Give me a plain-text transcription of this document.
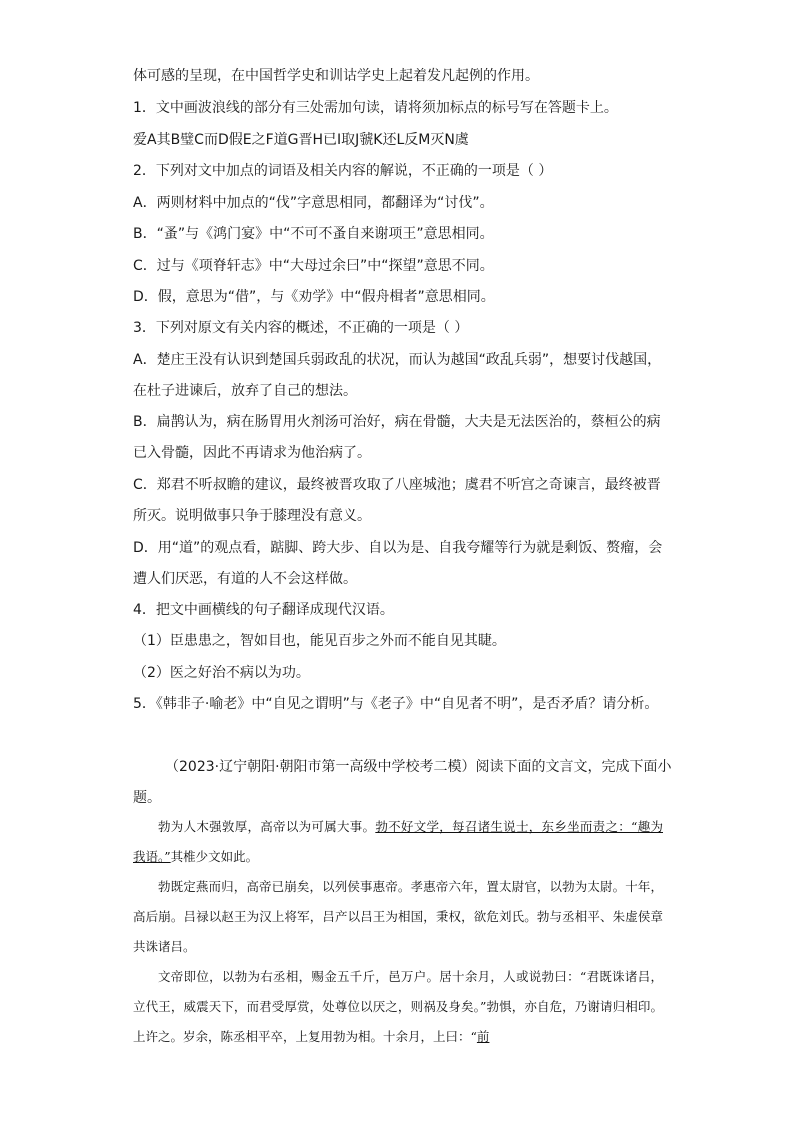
体可感的呈现，在中国哲学史和训诂学史上起着发凡起例的作用。
1．文中画波浪线的部分有三处需加句读，请将须加标点的标号写在答题卡上。
爱A其B璧C而D假E之F道G晋H已I取J虢K还L反M灭N虞
2．下列对文中加点的词语及相关内容的解说，不正确的一项是（ ）
A．两则材料中加点的“伐”字意思相同，都翻译为“讨伐”。
B．“蚤”与《鸿门宴》中“不可不蚤自来谢项王”意思相同。
C．过与《项脊轩志》中“大母过余曰”中“探望”意思不同。
D．假，意思为“借”，与《劝学》中“假舟楫者”意思相同。
3．下列对原文有关内容的概述，不正确的一项是（ ）
A．楚庄王没有认识到楚国兵弱政乱的状况，而认为越国“政乱兵弱”，想要讨伐越国，
在杜子进谏后，放弃了自己的想法。
B．扁鹊认为，病在肠胃用火剂汤可治好，病在骨髓，大夫是无法医治的，蔡桓公的病
已入骨髓，因此不再请求为他治病了。
C．郑君不听叔瞻的建议，最终被晋攻取了八座城池；虞君不听宫之奇谏言，最终被晋
所灭。说明做事只争于膝理没有意义。
D．用“道”的观点看，踮脚、跨大步、自以为是、自我夸耀等行为就是剩饭、赘瘤，会
遭人们厌恶，有道的人不会这样做。
4．把文中画横线的句子翻译成现代汉语。
（1）臣患患之，智如目也，能见百步之外而不能自见其睫。
（2）医之好治不病以为功。
5．《韩非子·喻老》中“自见之谓明”与《老子》中“自见者不明”，是否矛盾？请分析。
（2023·辽宁朝阳·朝阳市第一高级中学校考二模）阅读下面的文言文，完成下面小
题。

勃为人木强敦厚，高帝以为可属大事。勃不好文学，每召诸生说士，东乡坐而责之：“趣为我语。”其椎少文如此。

勃既定燕而归，高帝已崩矣，以列侯事惠帝。孝惠帝六年，置太尉官，以勃为太尉。十年，高后崩。吕禄以赵王为汉上将军，吕产以吕王为相国，秉权，欲危刘氏。勃与丞相平、朱虚侯章共诛诸吕。

文帝即位，以勃为右丞相，赐金五千斤，邑万户。居十余月，人或说勃曰：“君既诛诸吕，立代王，威震天下，而君受厚赏，处尊位以厌之，则祸及身矣。”勃惧，亦自危，乃谢请归相印。上许之。岁余，陈丞相平卒，上复用勃为相。十余月，上曰：“前
